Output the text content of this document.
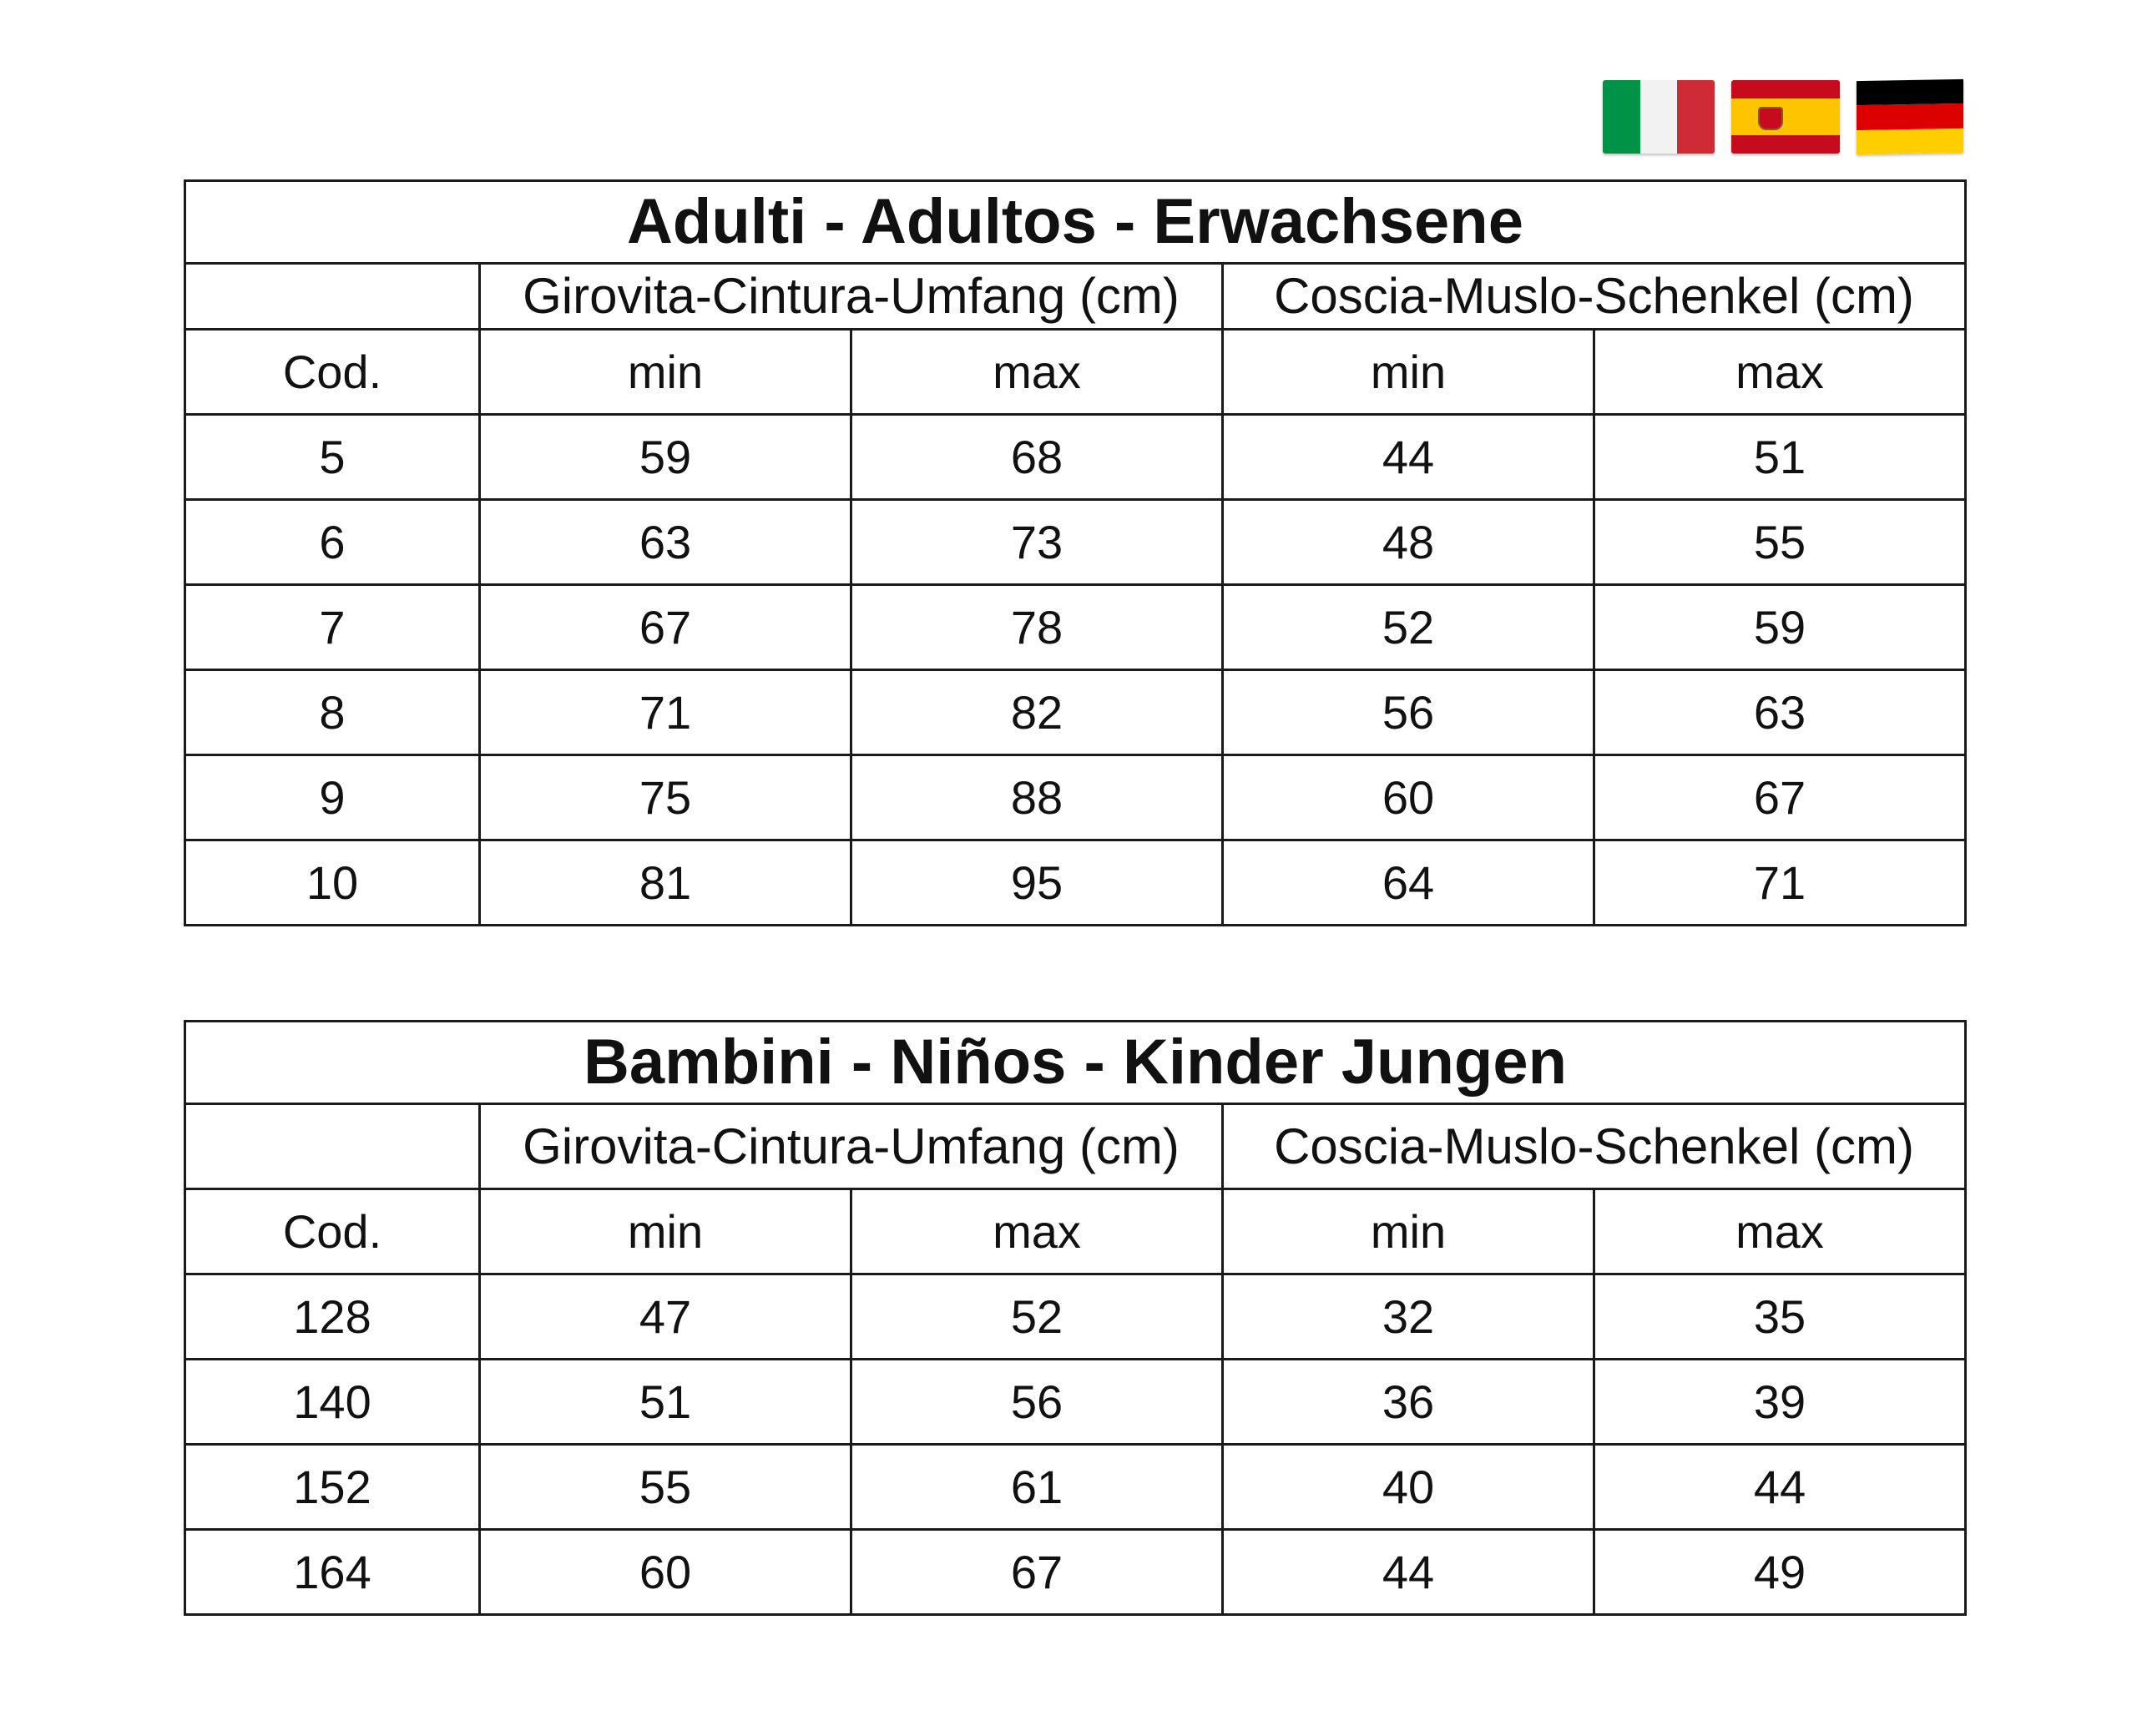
Adulti - Adultos - Erwachsene				
	Girovita-Cintura-Umfang (cm)		Coscia-Muslo-Schenkel (cm)	
Cod.	min	max	min	max
5	59	68	44	51
6	63	73	48	55
7	67	78	52	59
8	71	82	56	63
9	75	88	60	67
10	81	95	64	71
Bambini - Niños - Kinder Jungen				
	Girovita-Cintura-Umfang (cm)		Coscia-Muslo-Schenkel (cm)	
Cod.	min	max	min	max
128	47	52	32	35
140	51	56	36	39
152	55	61	40	44
164	60	67	44	49
